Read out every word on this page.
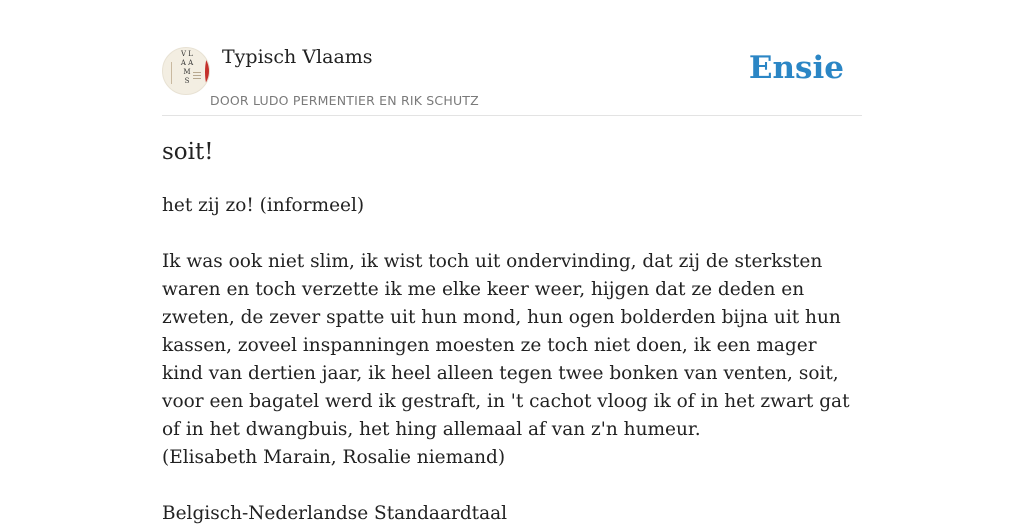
V L A A M S
Typisch Vlaams
DOOR LUDO PERMENTIER EN RIK SCHUTZ
Ensie
soit!

het zij zo! (informeel)

Ik was ook niet slim, ik wist toch uit ondervinding, dat zij de sterksten waren en toch verzette ik me elke keer weer, hijgen dat ze deden en zweten, de zever spatte uit hun mond, hun ogen bolderden bijna uit hun kassen, zoveel inspanningen moesten ze toch niet doen, ik een mager kind van dertien jaar, ik heel alleen tegen twee bonken van venten, soit, voor een bagatel werd ik gestraft, in 't cachot vloog ik of in het zwart gat of in het dwangbuis, het hing allemaal af van z'n humeur.

(Elisabeth Marain, Rosalie niemand)

Belgisch-Nederlandse Standaardtaal
